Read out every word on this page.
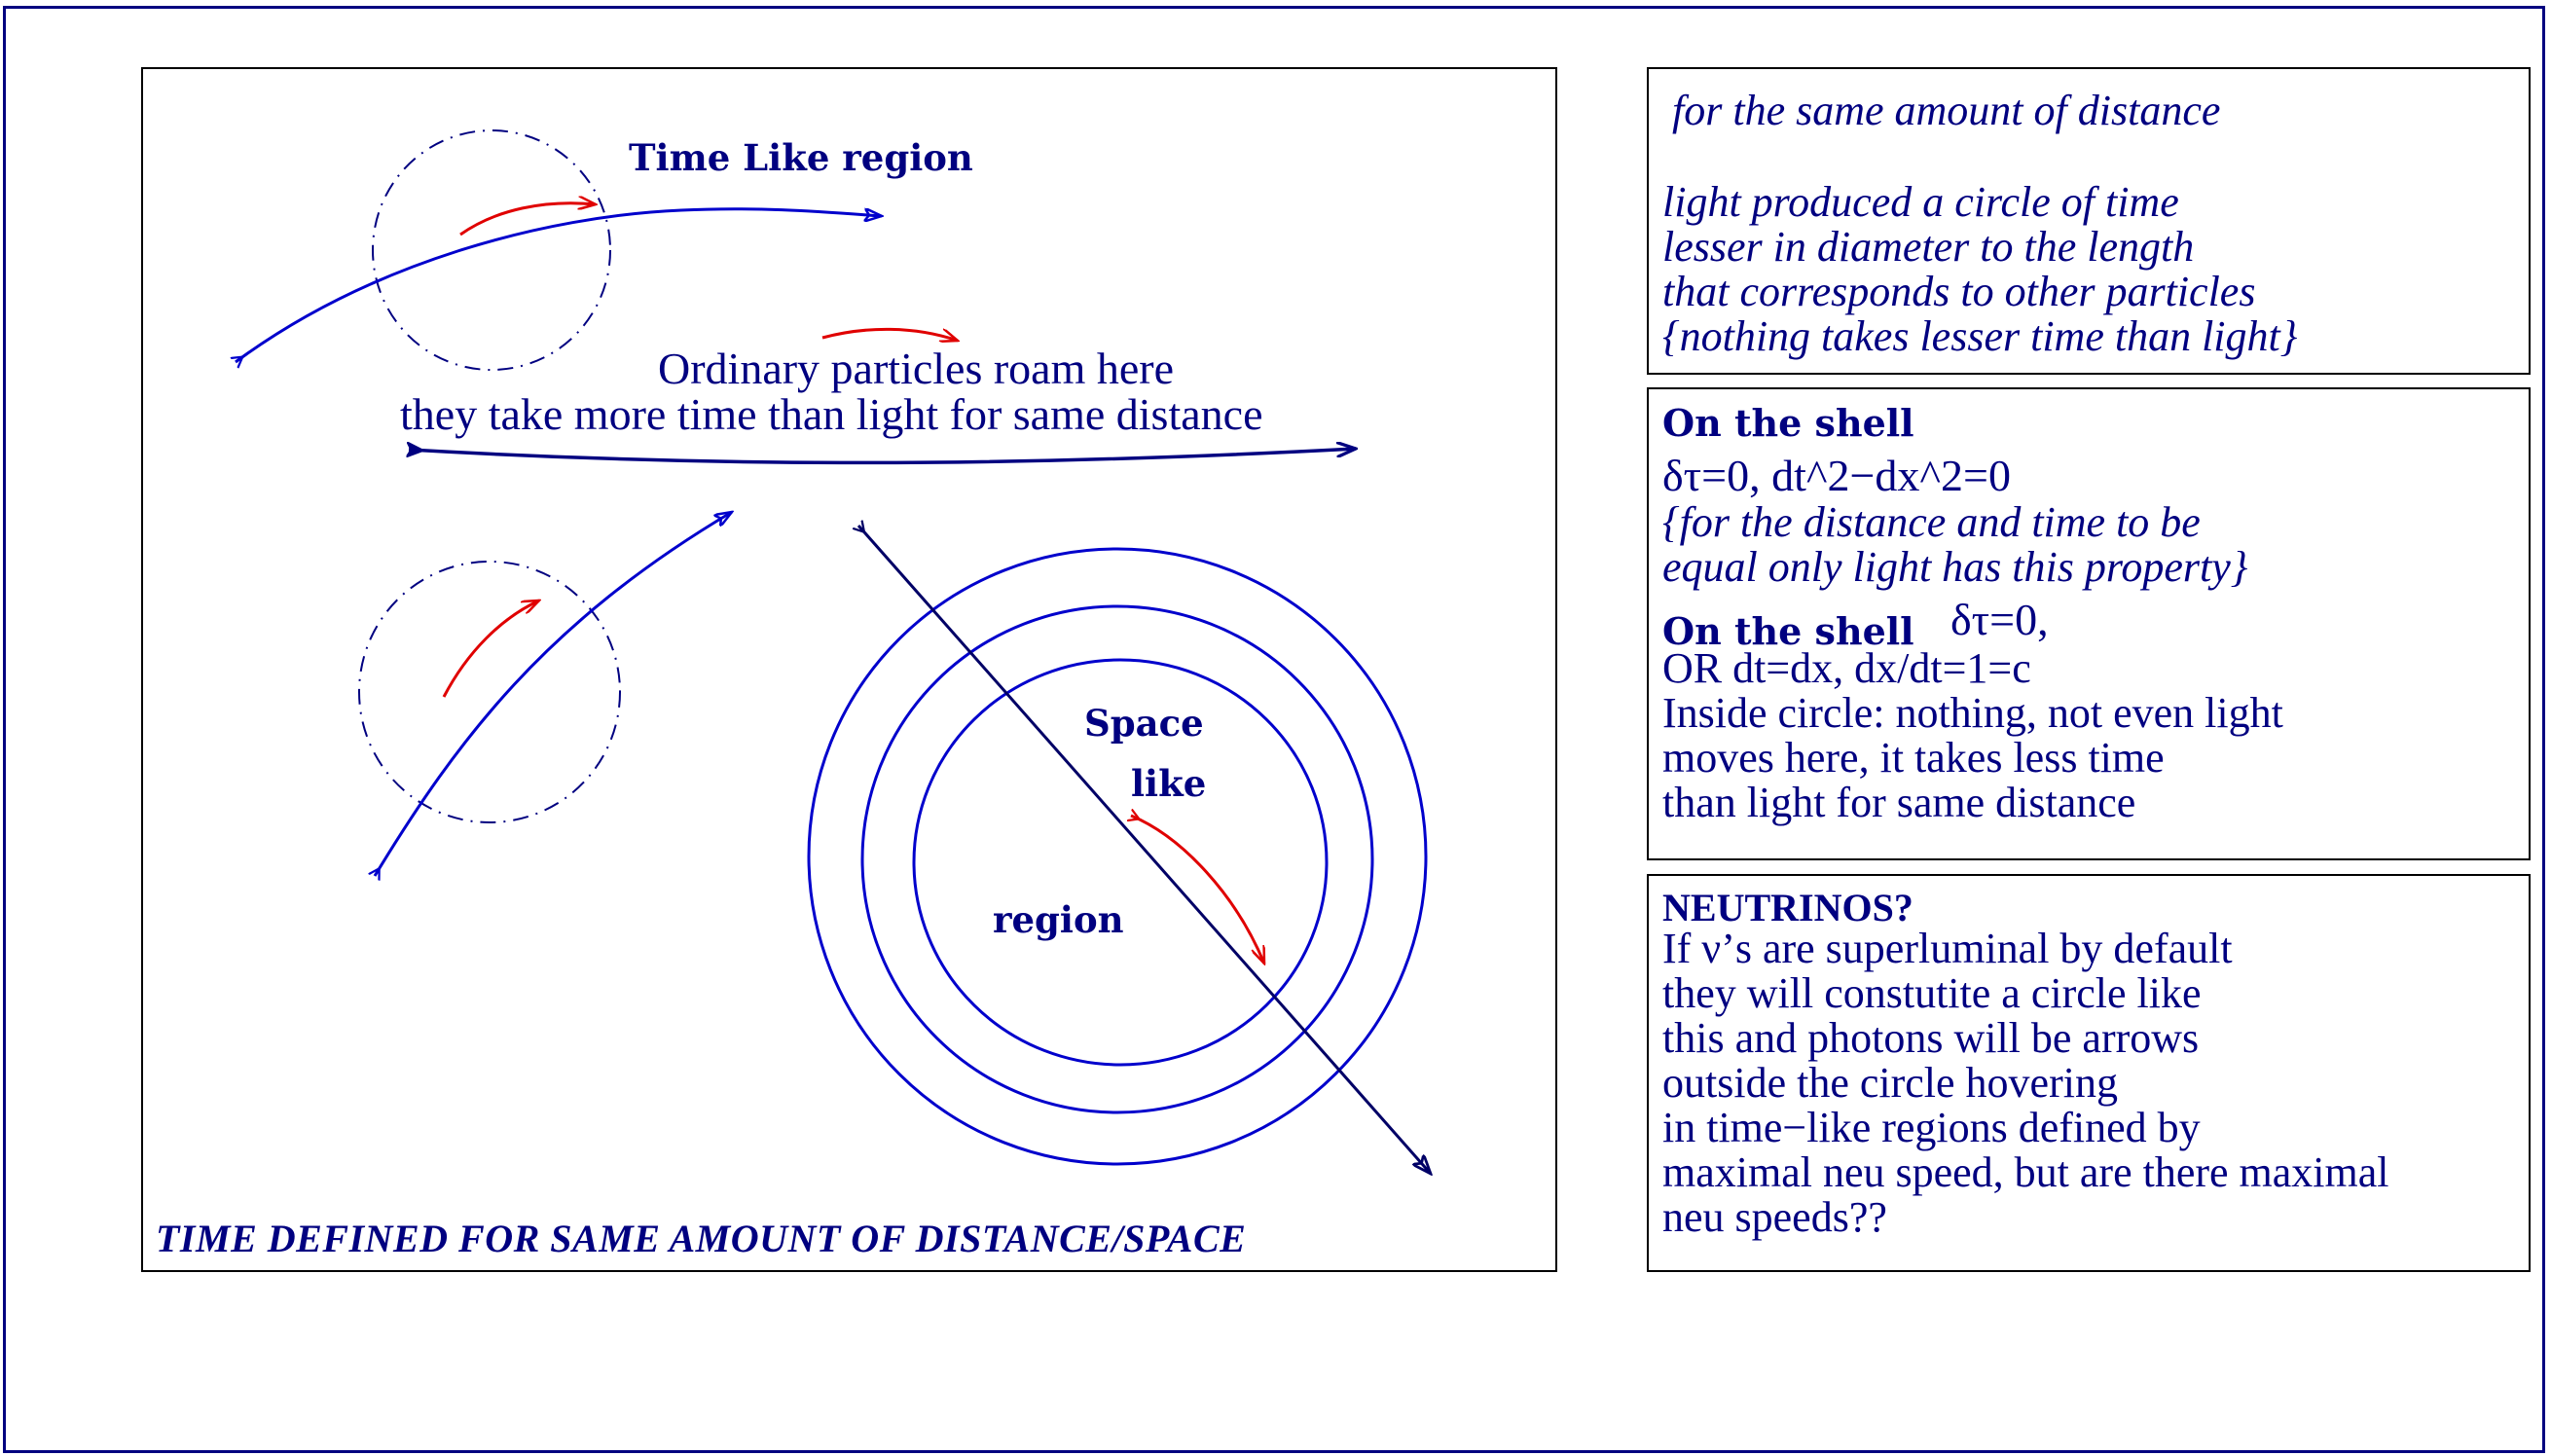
Time Like region
Ordinary particles roam here
they take more time than light for same distance
Space
like
region
TIME DEFINED FOR SAME AMOUNT OF DISTANCE/SPACE
for the same amount of distance
light produced a circle of time
lesser in diameter to the length
that corresponds to other particles
{nothing takes lesser time than light}
On the shell
δτ=0, dt^2−dx^2=0
{for the distance and time to be
equal only light has this property}
On the shell δτ=0,
OR dt=dx, dx/dt=1=c
Inside circle: nothing, not even light
moves here, it takes less time
than light for same distance
NEUTRINOS?
If ν’s are superluminal by default
they will constutite a circle like
this and photons will be arrows
outside the circle hovering
in time−like regions defined by
maximal neu speed, but are there maximal
neu speeds??
